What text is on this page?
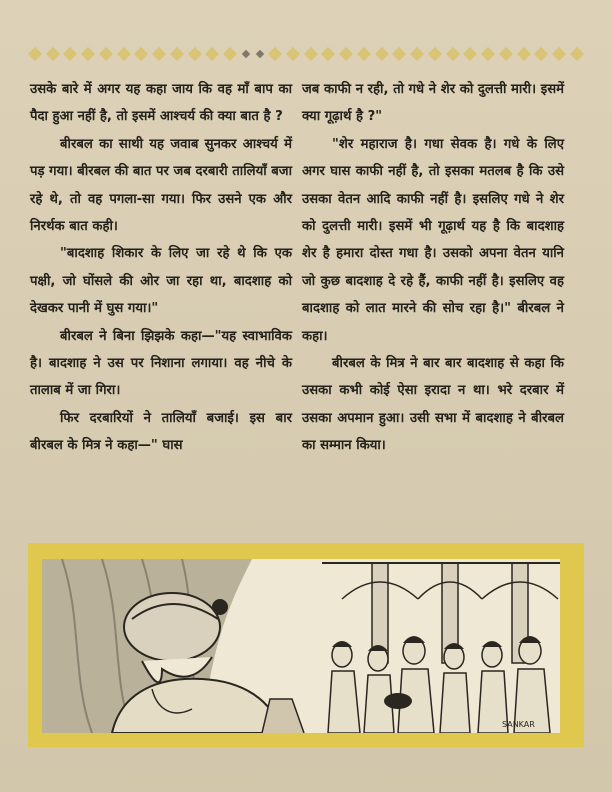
उसके बारे में अगर यह कहा जाय कि वह माँ बाप का पैदा हुआ नहीं है, तो इसमें आश्चर्य की क्या बात है ?

बीरबल का साथी यह जवाब सुनकर आश्चर्य में पड़ गया। बीरबल की बात पर जब दरबारी तालियाँ बजा रहे थे, तो वह पगला-सा गया। फिर उसने एक और निरर्थक बात कही।

"बादशाह शिकार के लिए जा रहे थे कि एक पक्षी, जो घोंसले की ओर जा रहा था, बादशाह को देखकर पानी में घुस गया।"

बीरबल ने बिना झिझके कहा—"यह स्वाभाविक है। बादशाह ने उस पर निशाना लगाया। वह नीचे के तालाब में जा गिरा।

फिर दरबारियों ने तालियाँ बजाई। इस बार बीरबल के मित्र ने कहा—" घास

जब काफी न रही, तो गधे ने शेर को दुलत्ती मारी। इसमें क्या गूढ़ार्थ है ?"

"शेर महाराज है। गधा सेवक है। गधे के लिए अगर घास काफी नहीं है, तो इसका मतलब है कि उसे उसका वेतन आदि काफी नहीं है। इसलिए गधे ने शेर को दुलत्ती मारी। इसमें भी गूढ़ार्थ यह है कि बादशाह शेर है हमारा दोस्त गधा है। उसको अपना वेतन यानि जो कुछ बादशाह दे रहे हैं, काफी नहीं है। इसलिए वह बादशाह को लात मारने की सोच रहा है।" बीरबल ने कहा।

बीरबल के मित्र ने बार बार बादशाह से कहा कि उसका कभी कोई ऐसा इरादा न था। भरे दरबार में उसका अपमान हुआ। उसी सभा में बादशाह ने बीरबल का सम्मान किया।

SANKAR
